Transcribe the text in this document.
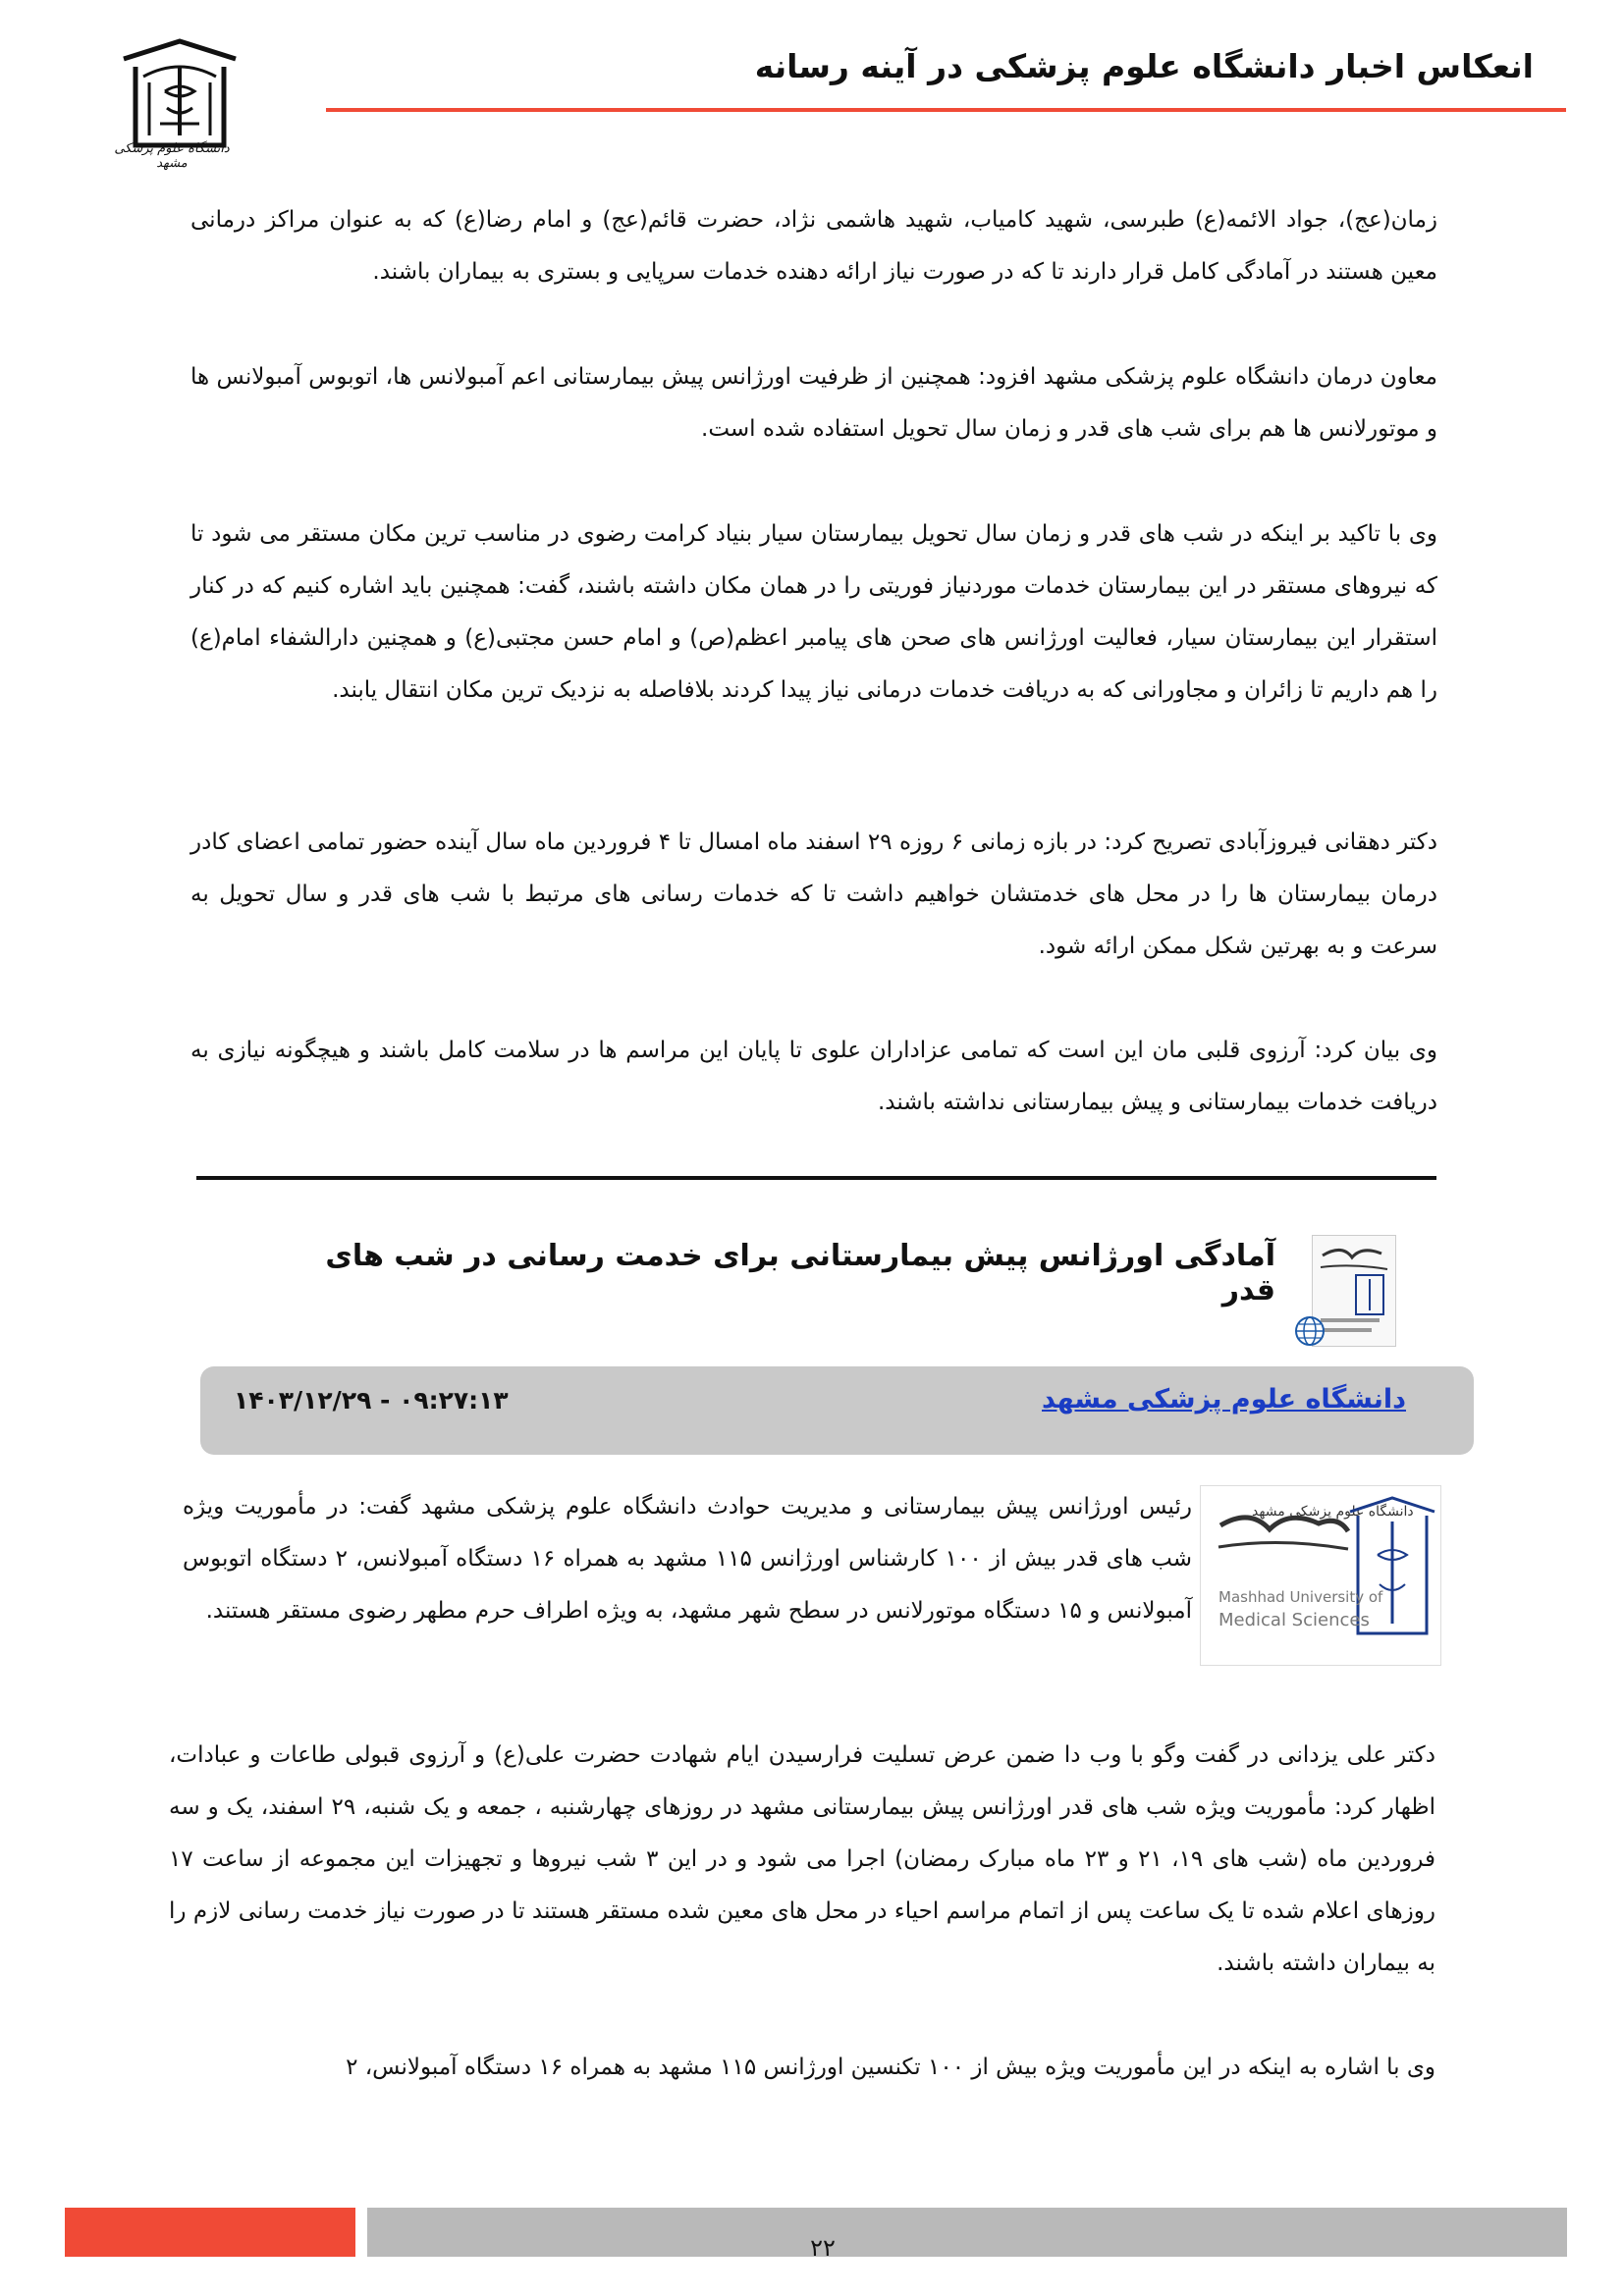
انعکاس اخبار دانشگاه علوم پزشکی در آینه رسانه
دانشگاه علوم پزشکی مشهد
زمان(عج)، جواد الائمه(ع) طبرسی، شهید کامیاب، شهید هاشمی نژاد، حضرت قائم(عج) و امام رضا(ع) که به عنوان مراکز درمانی معین هستند در آمادگی کامل قرار دارند تا که در صورت نیاز ارائه دهنده خدمات سرپایی و بستری به بیماران باشند.
معاون درمان دانشگاه علوم پزشکی مشهد افزود: همچنین از ظرفیت اورژانس پیش بیمارستانی اعم آمبولانس ها، اتوبوس آمبولانس ها و موتورلانس ها هم برای شب های قدر و زمان سال تحویل استفاده شده است.
وی با تاکید بر اینکه در شب های قدر و زمان سال تحویل بیمارستان سیار بنیاد کرامت رضوی در مناسب ترین مکان مستقر می شود تا که نیروهای مستقر در این بیمارستان خدمات موردنیاز فوریتی را در همان مکان داشته باشند، گفت: همچنین باید اشاره کنیم که در کنار استقرار این بیمارستان سیار، فعالیت اورژانس های صحن های پیامبر اعظم(ص) و امام حسن مجتبی(ع) و همچنین دارالشفاء امام(ع) را هم داریم تا زائران و مجاورانی که به دریافت خدمات درمانی نیاز پیدا کردند بلافاصله به نزدیک ترین مکان انتقال یابند.
دکتر دهقانی فیروزآبادی تصریح کرد: در بازه زمانی ۶ روزه ۲۹ اسفند ماه امسال تا ۴ فروردین ماه سال آینده حضور تمامی اعضای کادر درمان بیمارستان ها را در محل های خدمتشان خواهیم داشت تا که خدمات رسانی های مرتبط با شب های قدر و سال تحویل به سرعت و به بهرتین شکل ممکن ارائه شود.
وی بیان کرد: آرزوی قلبی مان این است که تمامی عزاداران علوی تا پایان این مراسم ها در سلامت کامل باشند و هیچگونه نیازی به دریافت خدمات بیمارستانی و پیش بیمارستانی نداشته باشند.
آمادگی اورژانس پیش بیمارستانی برای خدمت رسانی در شب های قدر
دانشگاه علوم پزشکی مشهد
۱۴۰۳/۱۲/۲۹ - ۰۹:۲۷:۱۳
دانشگاه علوم پزشکی مشهد
Mashhad University of
Medical Sciences
رئیس اورژانس پیش بیمارستانی و مدیریت حوادث دانشگاه علوم پزشکی مشهد گفت: در مأموریت ویژه شب های قدر بیش از ۱۰۰ کارشناس اورژانس ۱۱۵ مشهد به همراه ۱۶ دستگاه آمبولانس، ۲ دستگاه اتوبوس آمبولانس و ۱۵ دستگاه موتورلانس در سطح شهر مشهد، به ویژه اطراف حرم مطهر رضوی مستقر هستند.
دکتر علی یزدانی در گفت وگو با وب دا ضمن عرض تسلیت فرارسیدن ایام شهادت حضرت علی(ع) و آرزوی قبولی طاعات و عبادات، اظهار کرد: مأموریت ویژه شب های قدر اورژانس پیش بیمارستانی مشهد در روزهای چهارشنبه ، جمعه و یک شنبه، ۲۹ اسفند، یک و سه فروردین ماه (شب های ۱۹، ۲۱ و ۲۳ ماه مبارک رمضان) اجرا می شود و در این ۳ شب نیروها و تجهیزات این مجموعه از ساعت ۱۷ روزهای اعلام شده تا یک ساعت پس از اتمام مراسم احیاء در محل های معین شده مستقر هستند تا در صورت نیاز خدمت رسانی لازم را به بیماران داشته باشند.
وی با اشاره به اینکه در این مأموریت ویژه بیش از ۱۰۰ تکنسین اورژانس ۱۱۵ مشهد به همراه ۱۶ دستگاه آمبولانس، ۲
۲۲
